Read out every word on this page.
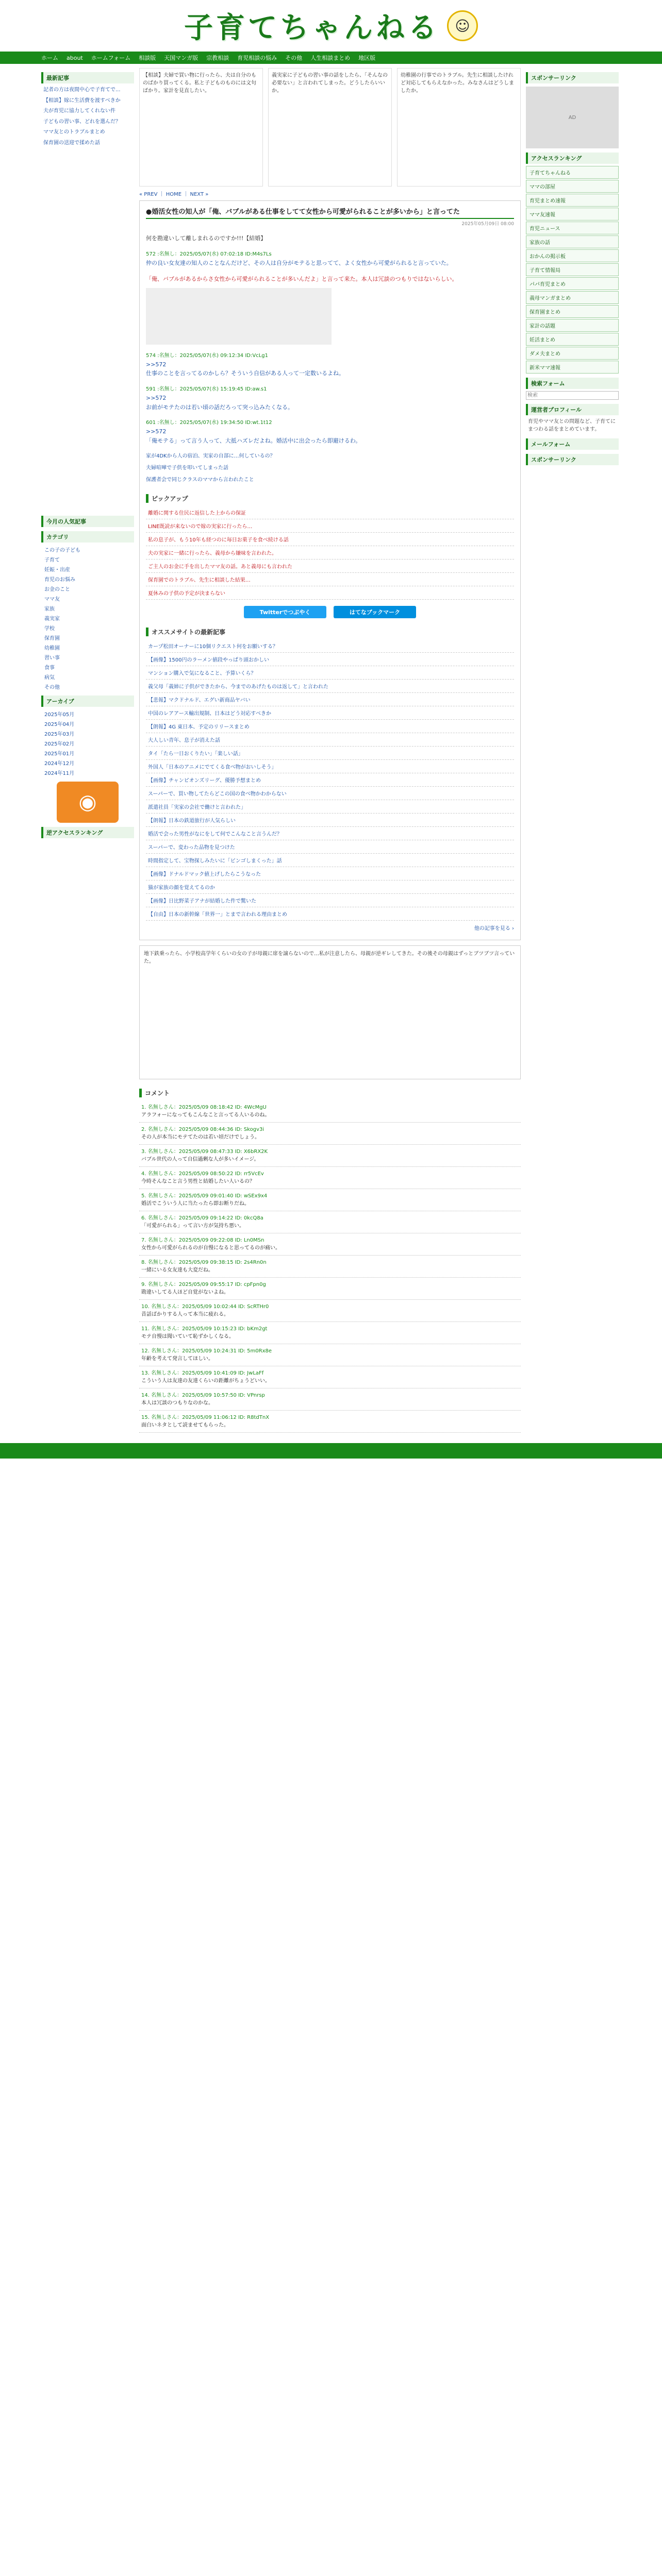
子育てちゃんねる	☺
ホーム about ホームフォーム 相談版 天国マンガ版 宗教相談 育児相談の悩み その他 人生相談まとめ 地区版
最新記事

記者の方は夜間中心で子育てで...

【相談】嫁に生活費を渡すべきか

夫が育児に協力してくれない件

子どもの習い事、どれを選んだ？

ママ友とのトラブルまとめ

保育園の送迎で揉めた話

今月の人気記事
カテゴリ
この子の子ども
子育て
妊娠・出産
育児のお悩み
お金のこと
ママ友
家族
義実家
学校
保育園
幼稚園
習い事
食事
病気
その他
アーカイブ
2025年05月
2025年04月
2025年03月
2025年02月
2025年01月
2024年12月
2024年11月
◉
逆アクセスランキング
【相談】夫婦で買い物に行ったら、夫は自分のものばかり買ってくる。私と子どものものには文句ばかり。家計を見直したい。
義実家に子どもの習い事の話をしたら、「そんなの必要ない」と言われてしまった。どうしたらいいか。
幼稚園の行事でのトラブル。先生に相談したけれど対応してもらえなかった。みなさんはどうしましたか。
« PREV ｜ HOME ｜ NEXT »
●婚活女性の知人が「俺、バブルがある仕事をしてて女性から可愛がられることが多いから」と言ってた
2025年05月09日 08:00
何を勘違いして離しまれるのですか!!!【結婚】
572 :名無し：2025/05/07(水) 07:02:18 ID:M4s7Ls
仲の良い女友達の知人のことなんだけど、その人は自分がモテると思ってて、よく女性から可愛がられると言っていた。
「俺、バブルがあるからさ女性から可愛がられることが多いんだよ」と言って来た。本人は冗談のつもりではないらしい。
574 :名無し：2025/05/07(水) 09:12:34 ID:VcLg1
>>572
仕事のことを言ってるのかしら？そういう自信がある人って一定数いるよね。
591 :名無し：2025/05/07(水) 15:19:45 ID:aw.s1
>>572
お前がモテたのは若い頃の話だろって突っ込みたくなる。
601 :名無し：2025/05/07(水) 19:34:50 ID:wt.1t12
>>572
「俺モテる」って言う人って、大抵ハズレだよね。婚活中に出会ったら即避けるわ。
家が4DKから人の宿泊、実家の自部に…何しているの？
夫婦喧嘩で子供を叩いてしまった話
保護者会で同じクラスのママから言われたこと
ピックアップ
離婚に関する住民に返信した上からの保証
LINE既読が来ないので嫁の実家に行ったら…
私の息子が、もう10年も経つのに毎日お菓子を食べ続ける話
夫の実家に一緒に行ったら、義母から嫌味を言われた。
ご主人のお金に手を出したママ友の話。あと義母にも言われた
保育園でのトラブル、先生に相談した結果…
夏休みの子供の予定が決まらない
Twitterでつぶやく	はてなブックマーク
オススメサイトの最新記事
カープ松田オーナーに10個リクエスト何をお願いする？
【画像】1500円のラーメン値段やっぱり頭おかしい
マンション購入で気になること、予算いくら？
義父母「義姉に子供ができたから、今までのあげたものは返して」と言われた
【悲報】マクドナルド、エグい新商品ヤバい
中国のレアアース輸出規制、日本はどう対応すべきか
【朗報】4G 東日本、予定のリリースまとめ
大人しい青年、息子が消えた話
タイ「たら一日おくりたい」「楽しい話」
外国人「日本のアニメにでてくる食べ物がおいしそう」
【画像】チャンピオンズリーグ、優勝予想まとめ
スーパーで、買い物してたらどこの国の食べ物かわからない
派遣社員「実家の会社で働けと言われた」
【朗報】日本の鉄道旅行が人気らしい
婚活で会った男性がなにをして何でこんなこと言うんだ？
スーパーで、変わった品物を見つけた
時間指定して、宝物探しみたいに「ビンゴしまくった」話
【画像】ドナルドマック値上げしたらこうなった
猫が家族の顔を覚えてるのか
【画像】日比野菜子アナが結婚した件で驚いた
【自由】日本の新幹線「世界一」とまで言われる理由まとめ
他の記事を見る ›
地下鉄乗ったら、小学校高学年くらいの女の子が母親に席を譲らないので…私が注意したら、母親が逆ギレしてきた。その後その母親はずっとブツブツ言っていた。
コメント
1. 名無しさん：2025/05/09 08:18:42 ID: 4WcMgU
アラフォーになってもこんなこと言ってる人いるのね。
2. 名無しさん：2025/05/09 08:44:36 ID: Skogv3i
その人が本当にモテてたのは若い頃だけでしょう。
3. 名無しさん：2025/05/09 08:47:33 ID: X6bRX2K
バブル世代の人って自信過剰な人が多いイメージ。
4. 名無しさん：2025/05/09 08:50:22 ID: rr5VcEv
今時そんなこと言う男性と結婚したい人いるの？
5. 名無しさん：2025/05/09 09:01:40 ID: wSEx9x4
婚活でこういう人に当たったら即お断りだね。
6. 名無しさん：2025/05/09 09:14:22 ID: 0kcQ8a
「可愛がられる」って言い方が気持ち悪い。
7. 名無しさん：2025/05/09 09:22:08 ID: Ln0MSn
女性から可愛がられるのが自慢になると思ってるのが痛い。
8. 名無しさん：2025/05/09 09:38:15 ID: 2s4Rn0n
一緒にいる女友達も大変だね。
9. 名無しさん：2025/05/09 09:55:17 ID: cpFpn0g
勘違いしてる人ほど自覚がないよね。
10. 名無しさん：2025/05/09 10:02:44 ID: ScRTHr0
昔話ばかりする人って本当に疲れる。
11. 名無しさん：2025/05/09 10:15:23 ID: bKm2gt
モテ自慢は聞いていて恥ずかしくなる。
12. 名無しさん：2025/05/09 10:24:31 ID: 5m0Rx8e
年齢を考えて発言してほしい。
13. 名無しさん：2025/05/09 10:41:09 ID: JwLaFf
こういう人は友達の友達くらいの距離がちょうどいい。
14. 名無しさん：2025/05/09 10:57:50 ID: VPnrsp
本人は冗談のつもりなのかな。
15. 名無しさん：2025/05/09 11:06:12 ID: R8tdTnX
面白いネタとして読ませてもらった。
スポンサーリンク
AD
アクセスランキング
子育てちゃんねる
ママの部屋
育児まとめ速報
ママ友速報
育児ニュース
家族の話
おかんの掲示板
子育て情報局
パパ育児まとめ
義母マンガまとめ
保育園まとめ
家計の話題
妊活まとめ
ダメ夫まとめ
新米ママ速報
検索フォーム
検索
運営者プロフィール
育児やママ友との問題など、子育てにまつわる話をまとめています。
メールフォーム
スポンサーリンク
